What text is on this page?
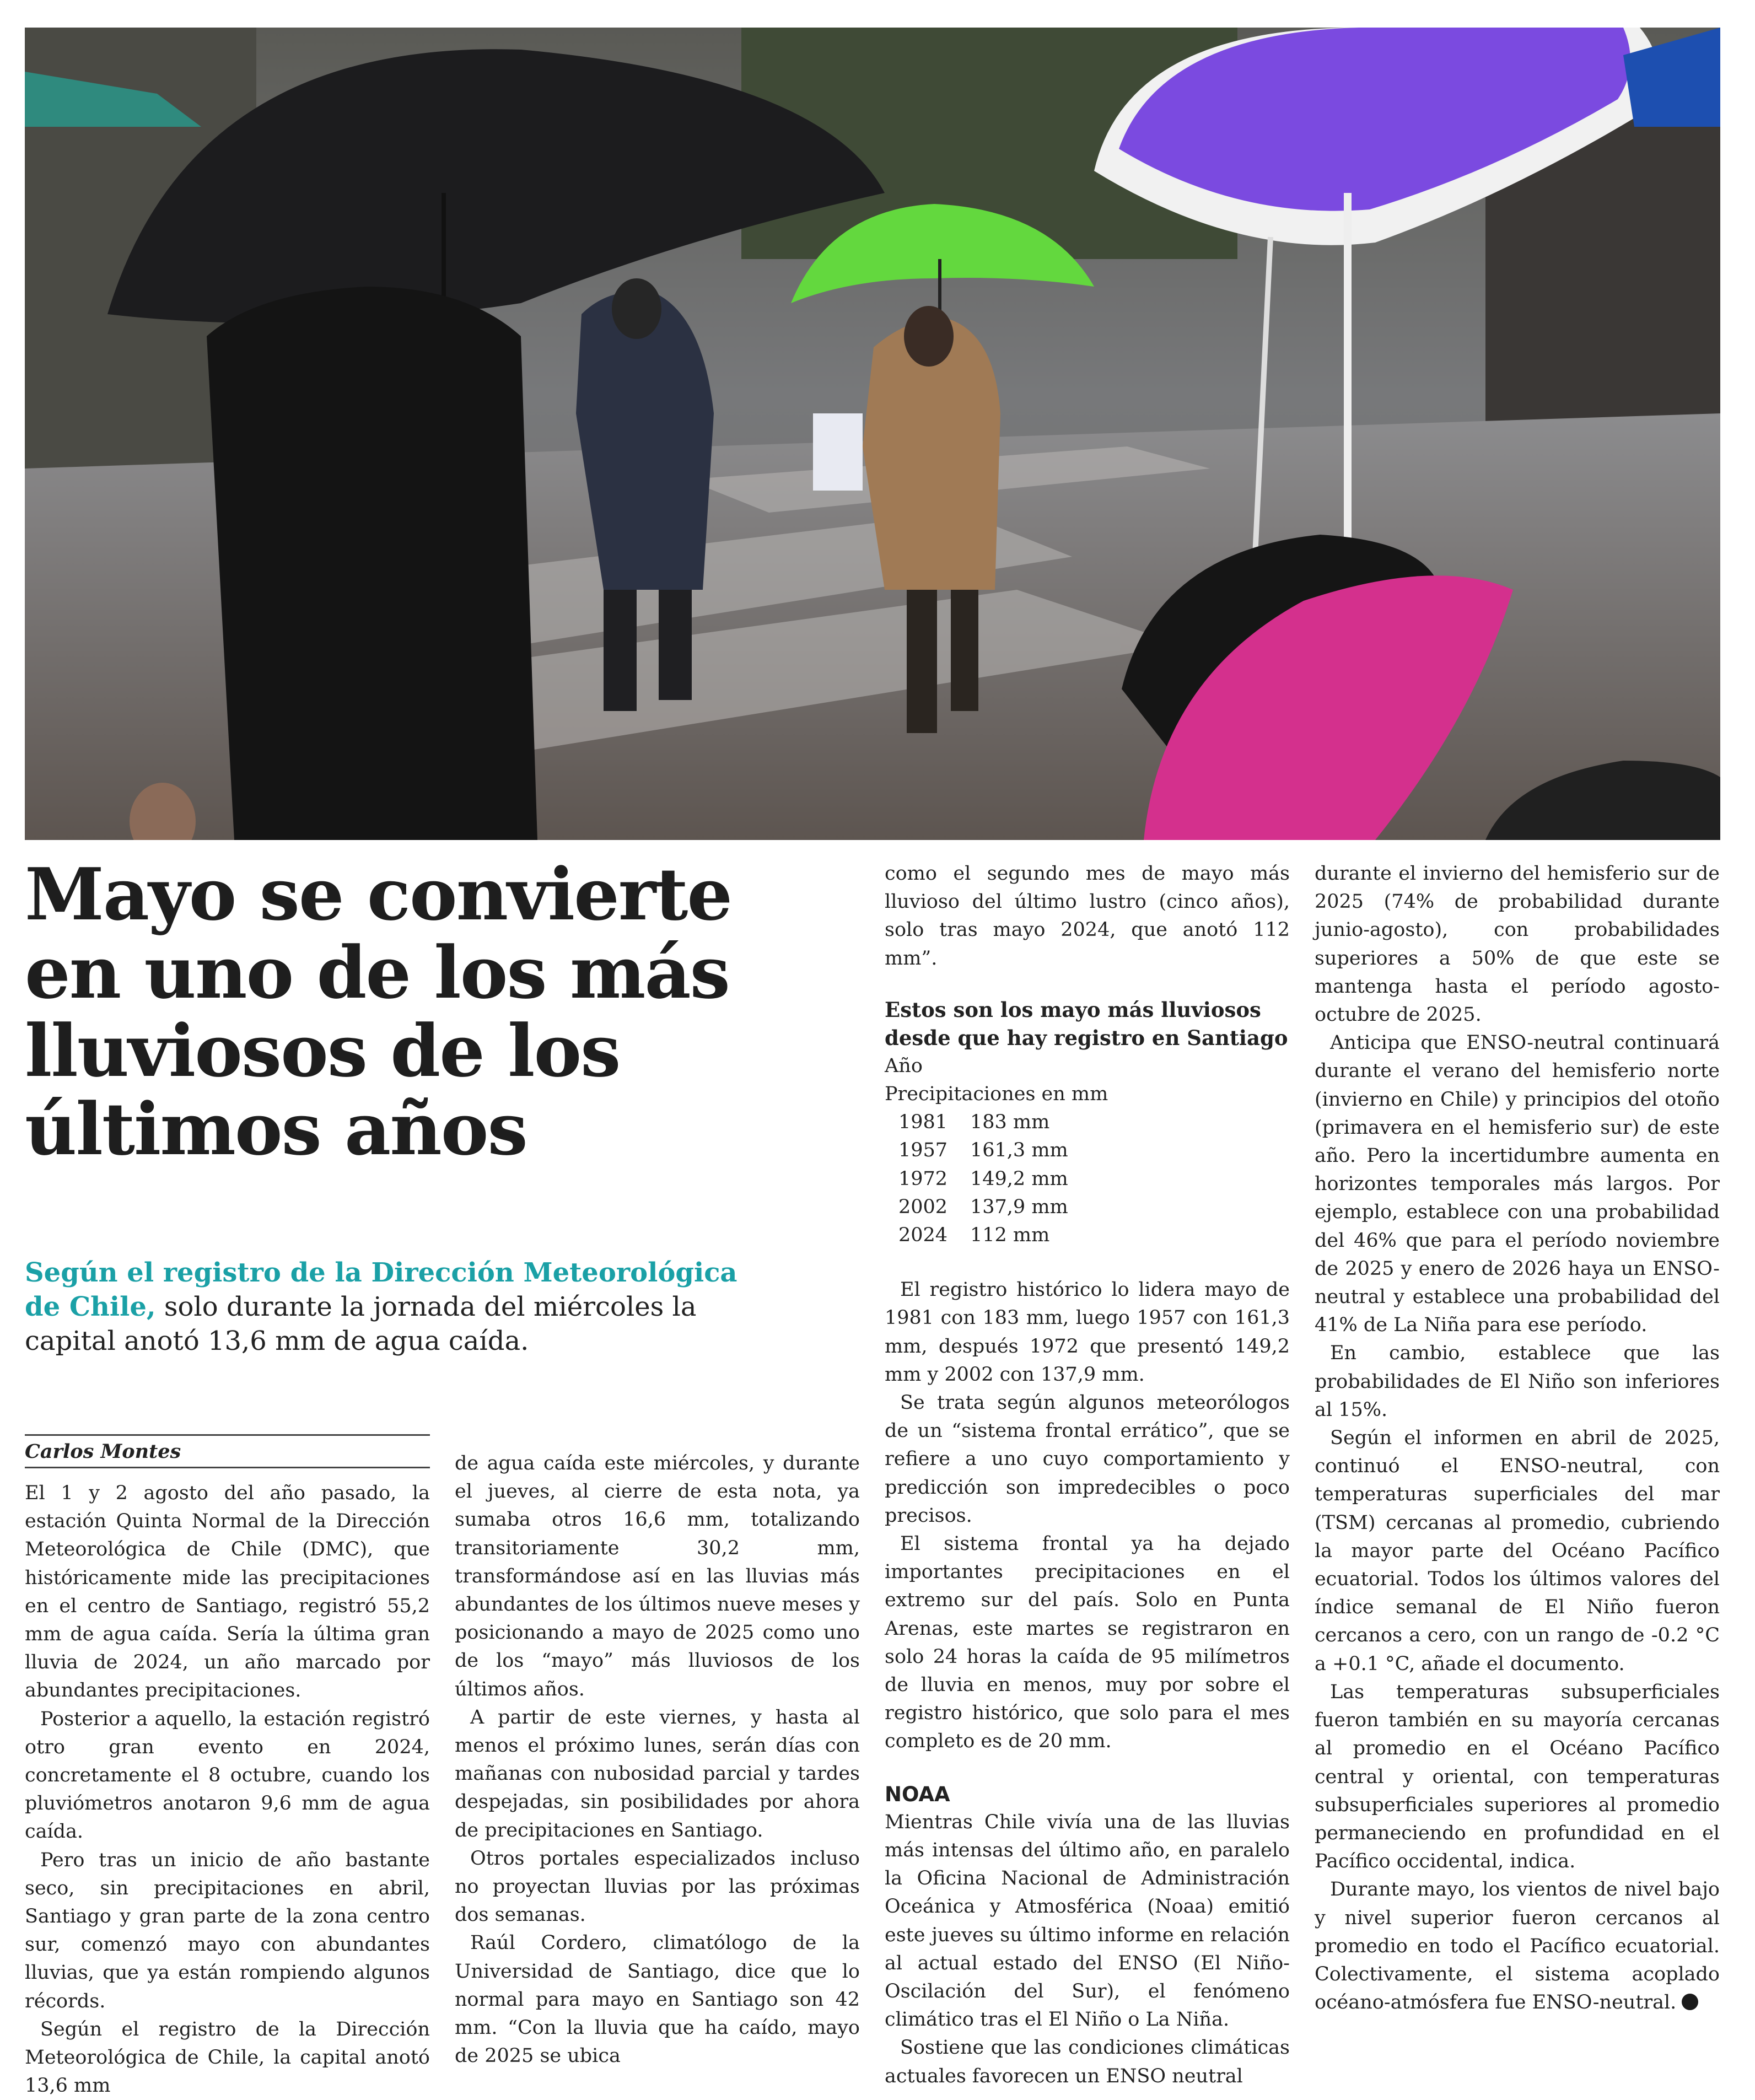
Mayo se convierte en uno de los más lluviosos de los últimos años

Según el registro de la Dirección Meteorológica de Chile, solo durante la jornada del miércoles la capital anotó 13,6 mm de agua caída.

Carlos Montes

El 1 y 2 agosto del año pasado, la estación Quinta Normal de la Dirección Meteorológica de Chile (DMC), que históricamente mide las precipitaciones en el centro de Santiago, registró 55,2 mm de agua caída. Sería la última gran lluvia de 2024, un año marcado por abundantes precipitaciones.

Posterior a aquello, la estación registró otro gran evento en 2024, concretamente el 8 octubre, cuando los pluviómetros anotaron 9,6 mm de agua caída.

Pero tras un inicio de año bastante seco, sin precipitaciones en abril, Santiago y gran parte de la zona centro sur, comenzó mayo con abundantes lluvias, que ya están rompiendo algunos récords.

Según el registro de la Dirección Meteorológica de Chile, la capital anotó 13,6 mm

de agua caída este miércoles, y durante el jueves, al cierre de esta nota, ya sumaba otros 16,6 mm, totalizando transitoriamente 30,2 mm, transformándose así en las lluvias más abundantes de los últimos nueve meses y posicionando a mayo de 2025 como uno de los “mayo” más lluviosos de los últimos años.

A partir de este viernes, y hasta al menos el próximo lunes, serán días con mañanas con nubosidad parcial y tardes despejadas, sin posibilidades por ahora de precipitaciones en Santiago.

Otros portales especializados incluso no proyectan lluvias por las próximas dos semanas.

Raúl Cordero, climatólogo de la Universidad de Santiago, dice que lo normal para mayo en Santiago son 42 mm. “Con la lluvia que ha caído, mayo de 2025 se ubica

como el segundo mes de mayo más lluvioso del último lustro (cinco años), solo tras mayo 2024, que anotó 112 mm”.

Estos son los mayo más lluviosos desde que hay registro en Santiago

Año

Precipitaciones en mm

1981	183 mm
1957	161,3 mm
1972	149,2 mm
2002	137,9 mm
2024	112 mm

El registro histórico lo lidera mayo de 1981 con 183 mm, luego 1957 con 161,3 mm, después 1972 que presentó 149,2 mm y 2002 con 137,9 mm.

Se trata según algunos meteorólogos de un “sistema frontal errático”, que se refiere a uno cuyo comportamiento y predicción son impredecibles o poco precisos.

El sistema frontal ya ha dejado importantes precipitaciones en el extremo sur del país. Solo en Punta Arenas, este martes se registraron en solo 24 horas la caída de 95 milímetros de lluvia en menos, muy por sobre el registro histórico, que solo para el mes completo es de 20 mm.

NOAA

Mientras Chile vivía una de las lluvias más intensas del último año, en paralelo la Oficina Nacional de Administración Oceánica y Atmosférica (Noaa) emitió este jueves su último informe en relación al actual estado del ENSO (El Niño-Oscilación del Sur), el fenómeno climático tras el El Niño o La Niña.

Sostiene que las condiciones climáticas actuales favorecen un ENSO neutral

durante el invierno del hemisferio sur de 2025 (74% de probabilidad durante junio-agosto), con probabilidades superiores a 50% de que este se mantenga hasta el período agosto-octubre de 2025.

Anticipa que ENSO-neutral continuará durante el verano del hemisferio norte (invierno en Chile) y principios del otoño (primavera en el hemisferio sur) de este año. Pero la incertidumbre aumenta en horizontes temporales más largos. Por ejemplo, establece con una probabilidad del 46% que para el período noviembre de 2025 y enero de 2026 haya un ENSO-neutral y establece una probabilidad del 41% de La Niña para ese período.

En cambio, establece que las probabilidades de El Niño son inferiores al 15%.

Según el informen en abril de 2025, continuó el ENSO-neutral, con temperaturas superficiales del mar (TSM) cercanas al promedio, cubriendo la mayor parte del Océano Pacífico ecuatorial. Todos los últimos valores del índice semanal de El Niño fueron cercanos a cero, con un rango de -0.2 °C a +0.1 °C, añade el documento.

Las temperaturas subsuperficiales fueron también en su mayoría cercanas al promedio en el Océano Pacífico central y oriental, con temperaturas subsuperficiales superiores al promedio permaneciendo en profundidad en el Pacífico occidental, indica.

Durante mayo, los vientos de nivel bajo y nivel superior fueron cercanos al promedio en todo el Pacífico ecuatorial. Colectivamente, el sistema acoplado océano-atmósfera fue ENSO-neutral.
